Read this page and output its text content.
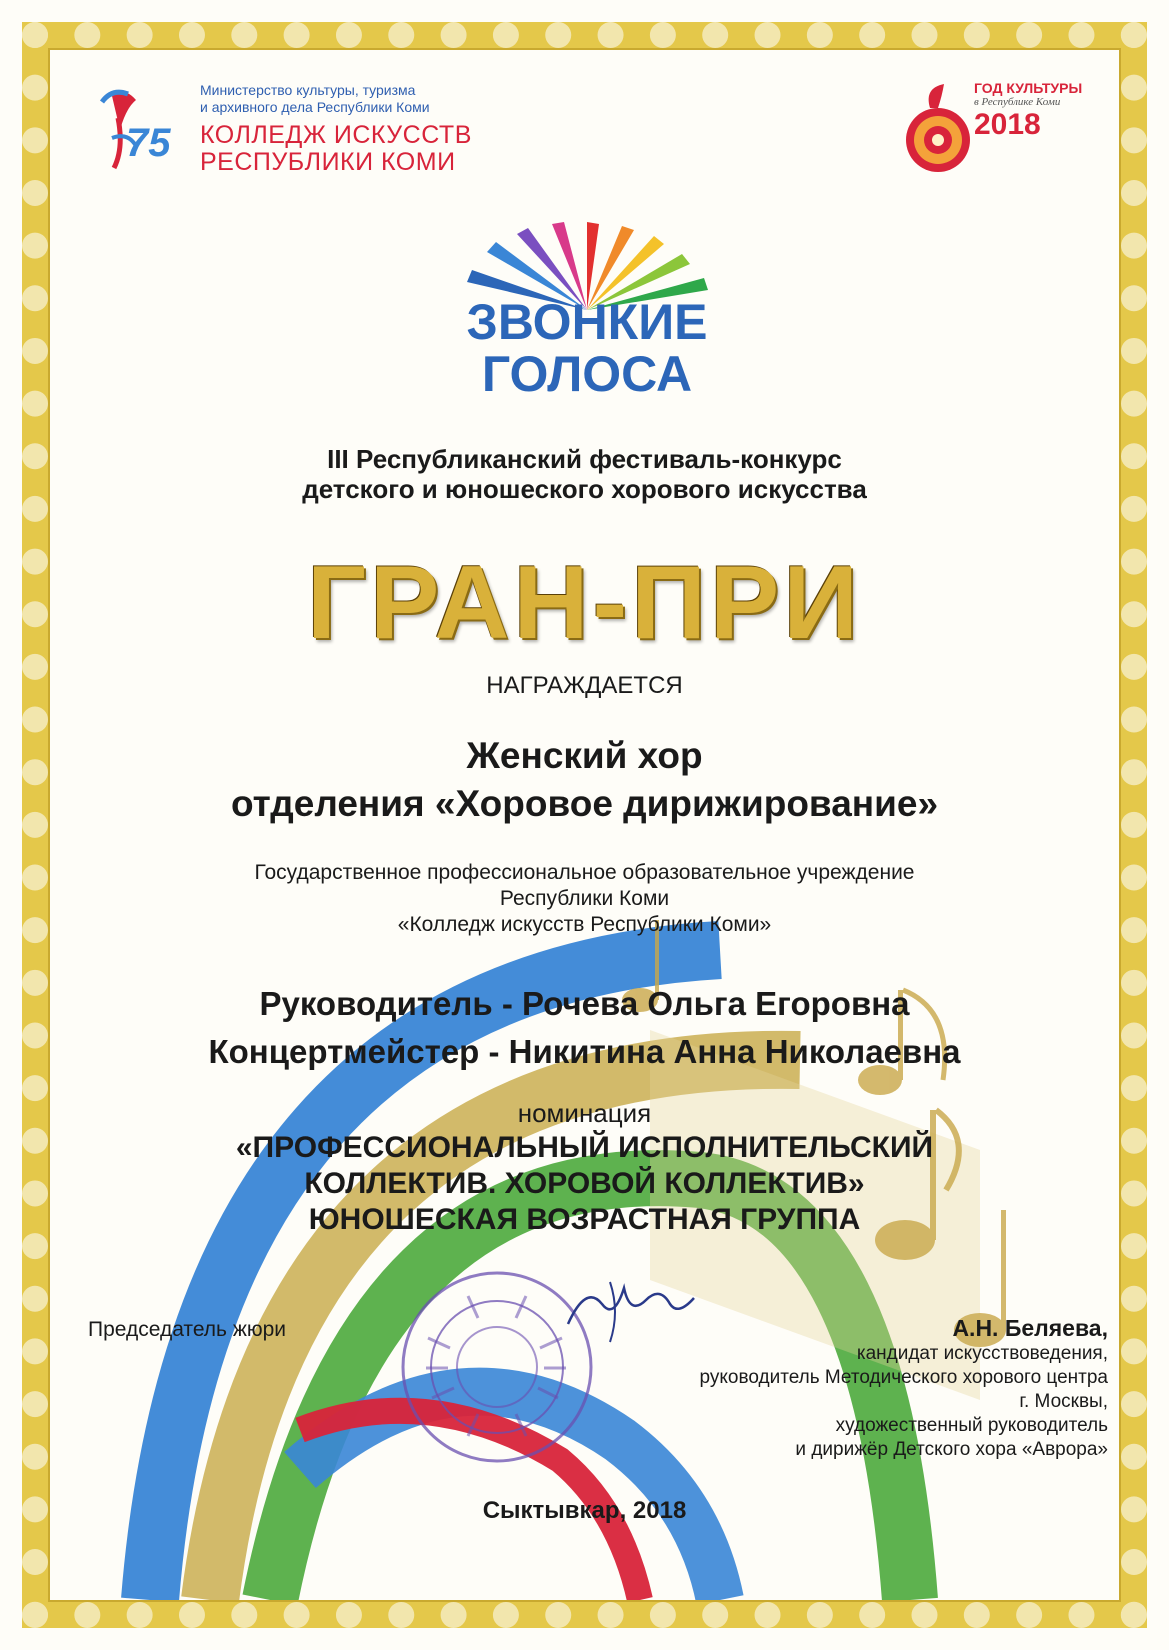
75
Министерство культуры, туризма
и архивного дела Республики Коми
КОЛЛЕДЖ ИСКУССТВ
РЕСПУБЛИКИ КОМИ
ГОД КУЛЬТУРЫ
в Республике Коми
2018
ЗВОНКИЕ
ГОЛОСА
III Республиканский фестиваль-конкурс
детского и юношеского хорового искусства
ГРАН-ПРИ
НАГРАЖДАЕТСЯ
Женский хор
отделения «Хоровое дирижирование»
Государственное профессиональное образовательное учреждение
Республики Коми
«Колледж искусств Республики Коми»
Руководитель - Рочева Ольга Егоровна
Концертмейстер - Никитина Анна Николаевна
номинация
«ПРОФЕССИОНАЛЬНЫЙ ИСПОЛНИТЕЛЬСКИЙ
КОЛЛЕКТИВ. ХОРОВОЙ КОЛЛЕКТИВ»
ЮНОШЕСКАЯ ВОЗРАСТНАЯ ГРУППА
Председатель жюри	А.Н. Беляева,
кандидат искусствоведения,
руководитель Методического хорового центра
г. Москвы,
художественный руководитель
и дирижёр Детского хора «Аврора»
Сыктывкар, 2018
